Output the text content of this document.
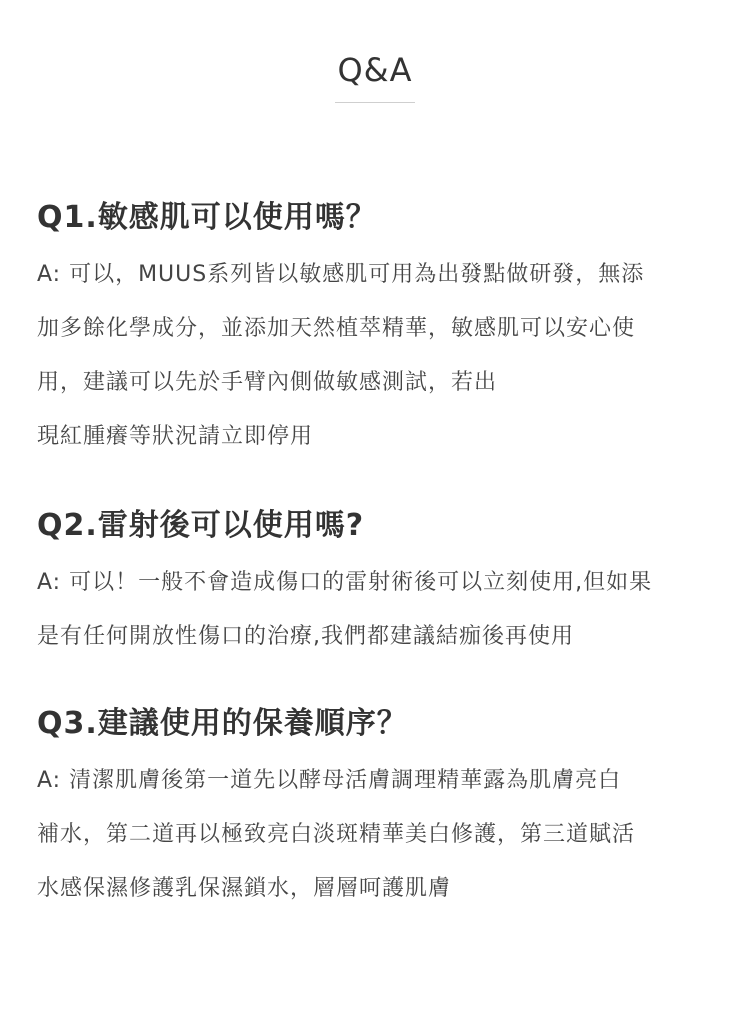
Q&A
Q1.敏感肌可以使用嗎？
A: 可以，MUUS系列皆以敏感肌可用為出發點做研發，無添
加多餘化學成分，並添加天然植萃精華，敏感肌可以安心使
用，建議可以先於手臂內側做敏感測試，若出
現紅腫癢等狀況請立即停用
Q2.雷射後可以使用嗎?
A: 可以！一般不會造成傷口的雷射術後可以立刻使用,但如果
是有任何開放性傷口的治療,我們都建議結痂後再使用
Q3.建議使用的保養順序？
A: 清潔肌膚後第一道先以酵母活膚調理精華露為肌膚亮白
補水，第二道再以極致亮白淡斑精華美白修護，第三道賦活
水感保濕修護乳保濕鎖水，層層呵護肌膚
